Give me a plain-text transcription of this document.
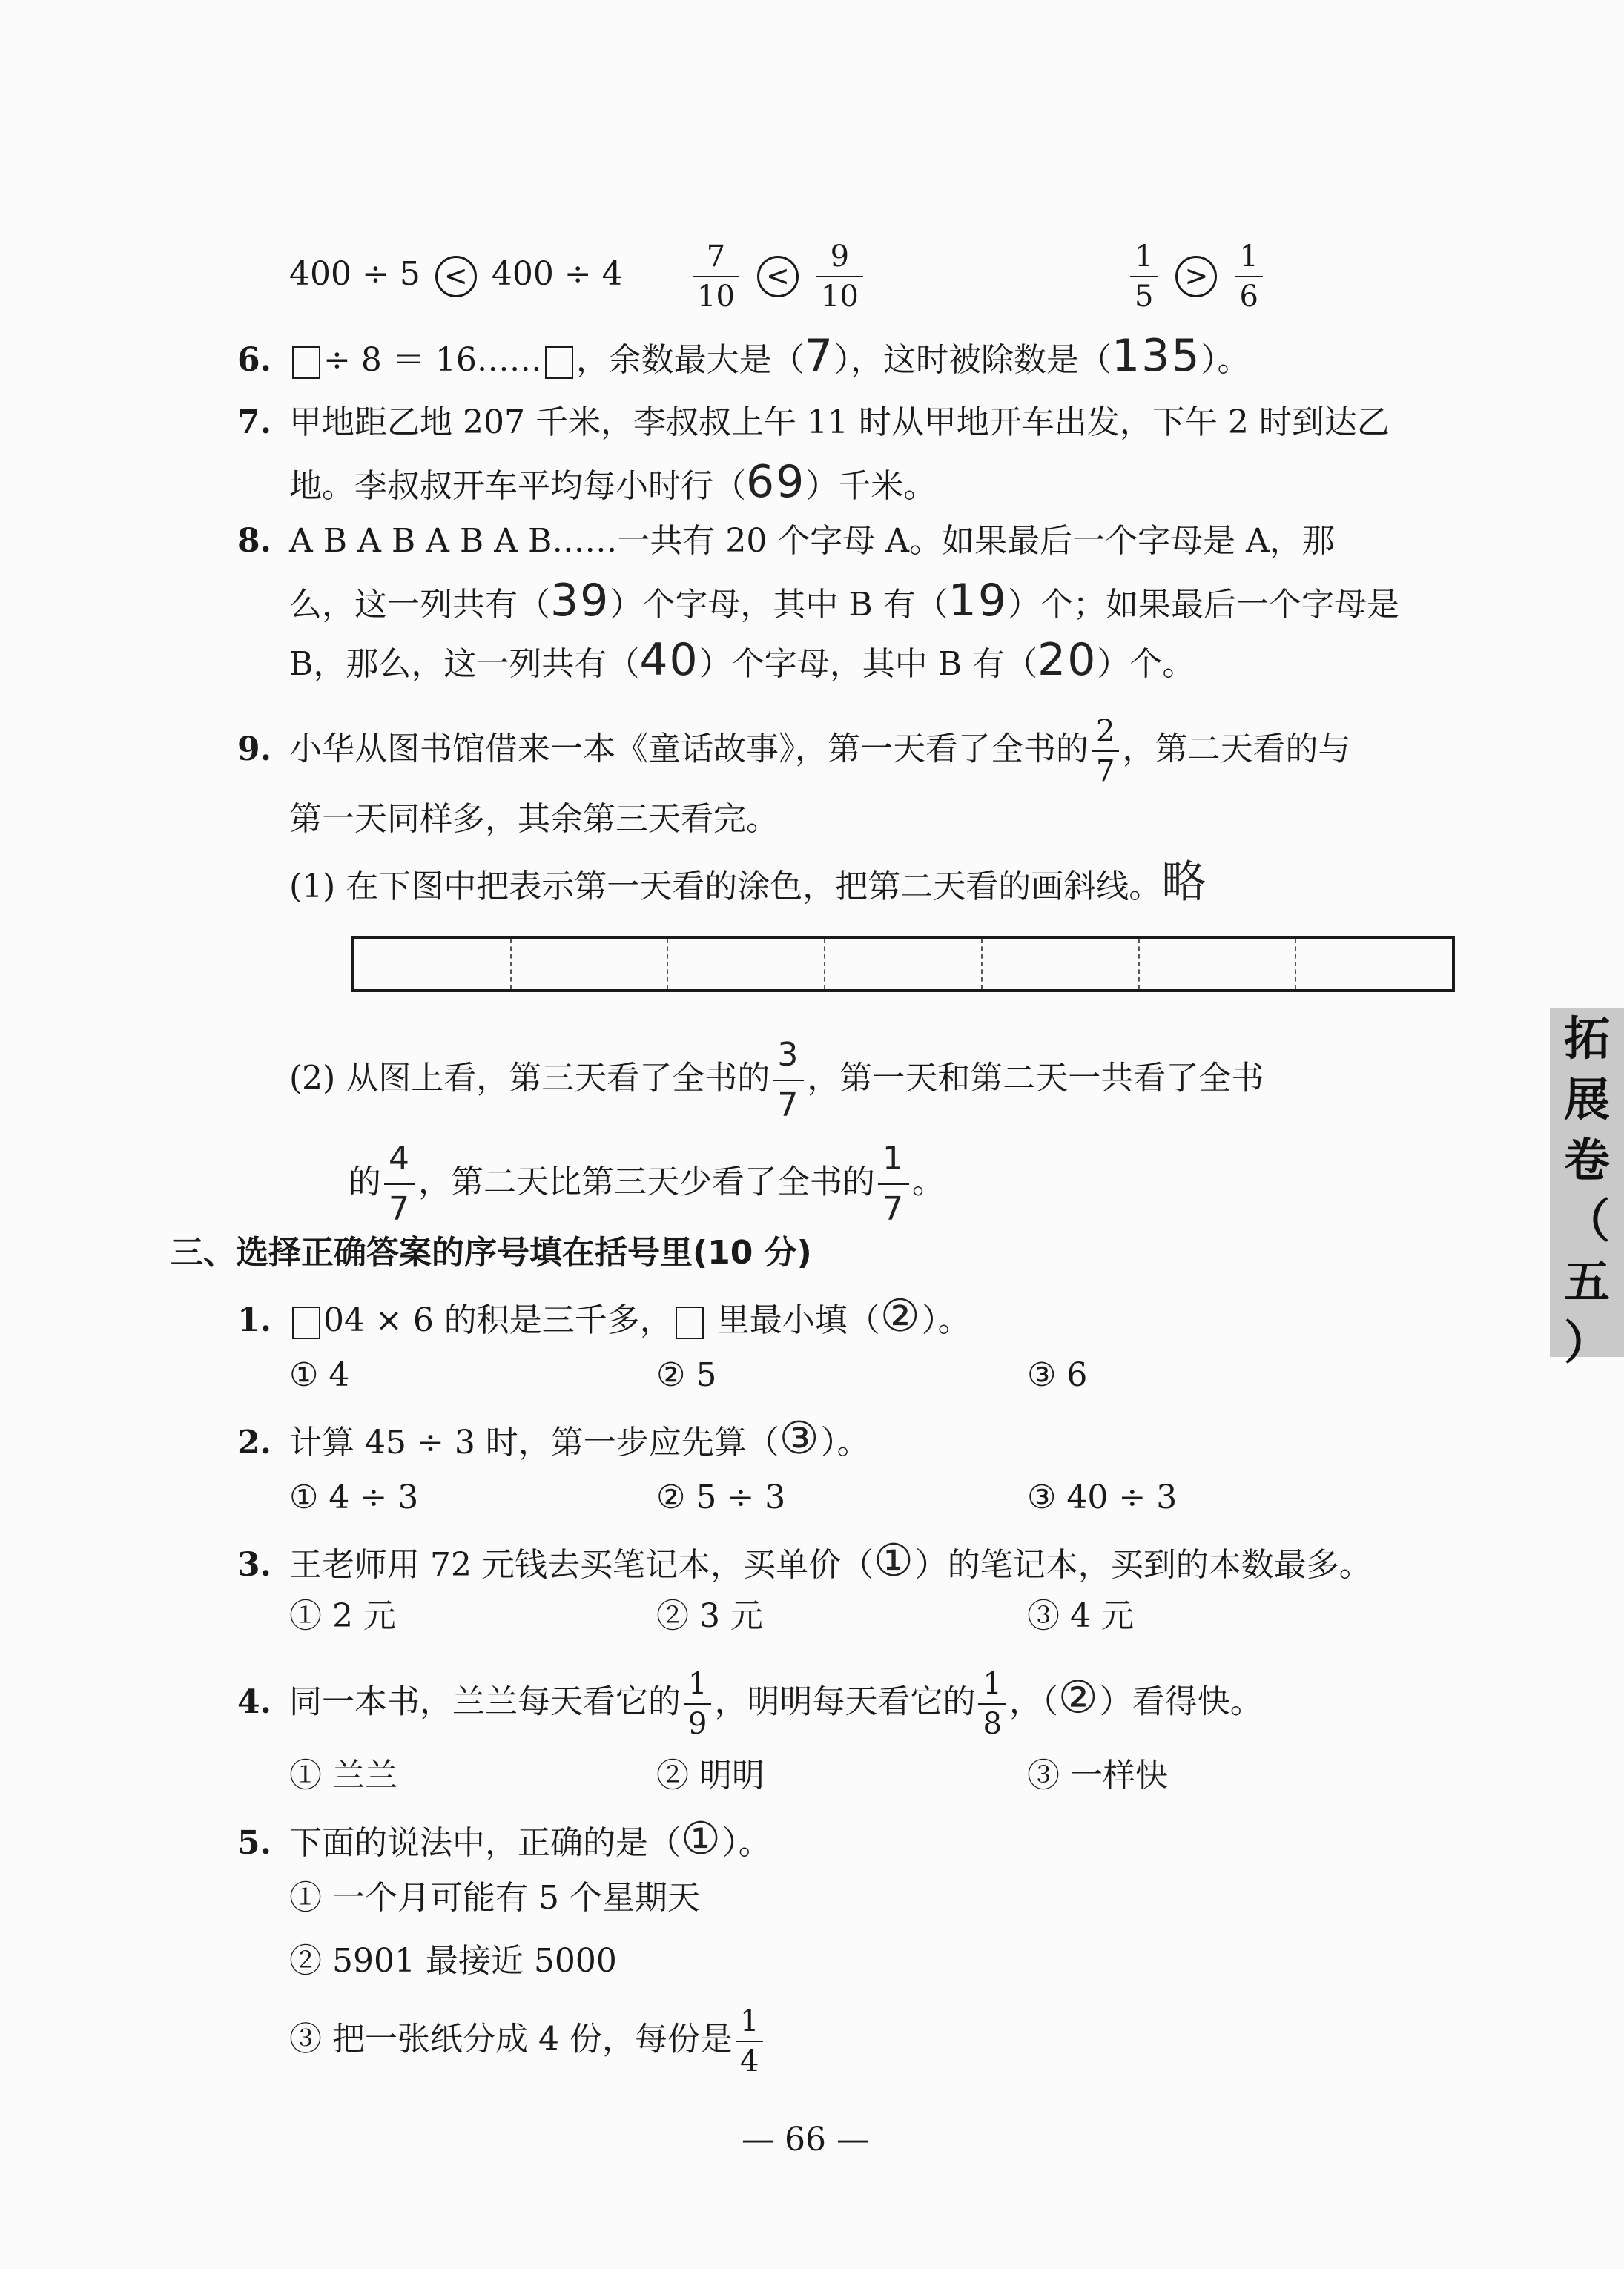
$400 \div 5 < 400 \div 4 \frac{7}{10} < \frac{9}{10}$	$\frac{1}{5} > \frac{1}{6}$
6. ÷ 8 ＝ 16…… ，余数最大是（7），这时被除数是（135）。
7. 甲地距乙地 207 千米，李叔叔上午 11 时从甲地开车出发，下午 2 时到达乙
地。李叔叔开车平均每小时行（69）千米。
8. A B A B A B A B……一共有 20 个字母 A。如果最后一个字母是 A，那
么，这一列共有（39）个字母，其中 B 有（19）个；如果最后一个字母是
B，那么，这一列共有（40）个字母，其中 B 有（20）个。
9. 小华从图书馆借来一本《童话故事》，第一天看了全书的 $\frac{2}{7}$ ，第二天看的与
第一天同样多，其余第三天看完。
(1) 在下图中把表示第一天看的涂色，把第二天看的画斜线。略
(2) 从图上看，第三天看了全书的 $\frac{3}{7}$ ，第一天和第二天一共看了全书
的 $\frac{4}{7}$ ，第二天比第三天少看了全书的 $\frac{1}{7}$ 。
三、选择正确答案的序号填在括号里(10 分)
1. 04 × 6 的积是三千多， 里最小填（②）。
① 4	② 5	③ 6
2. 计算 45 ÷ 3 时，第一步应先算（③）。
① 4 ÷ 3	② 5 ÷ 3	③ 40 ÷ 3
3. 王老师用 72 元钱去买笔记本，买单价（①）的笔记本，买到的本数最多。
① 2 元	② 3 元	③ 4 元
4. 同一本书，兰兰每天看它的 $\frac{1}{9}$ ，明明每天看它的 $\frac{1}{8}$ ，（②）看得快。
① 兰兰	② 明明	③ 一样快
5. 下面的说法中，正确的是（①）。
① 一个月可能有 5 个星期天
② 5901 最接近 5000
③ 把一张纸分成 4 份，每份是 $\frac{1}{4}$
拓
展
卷
（
五
）
— 66 —
